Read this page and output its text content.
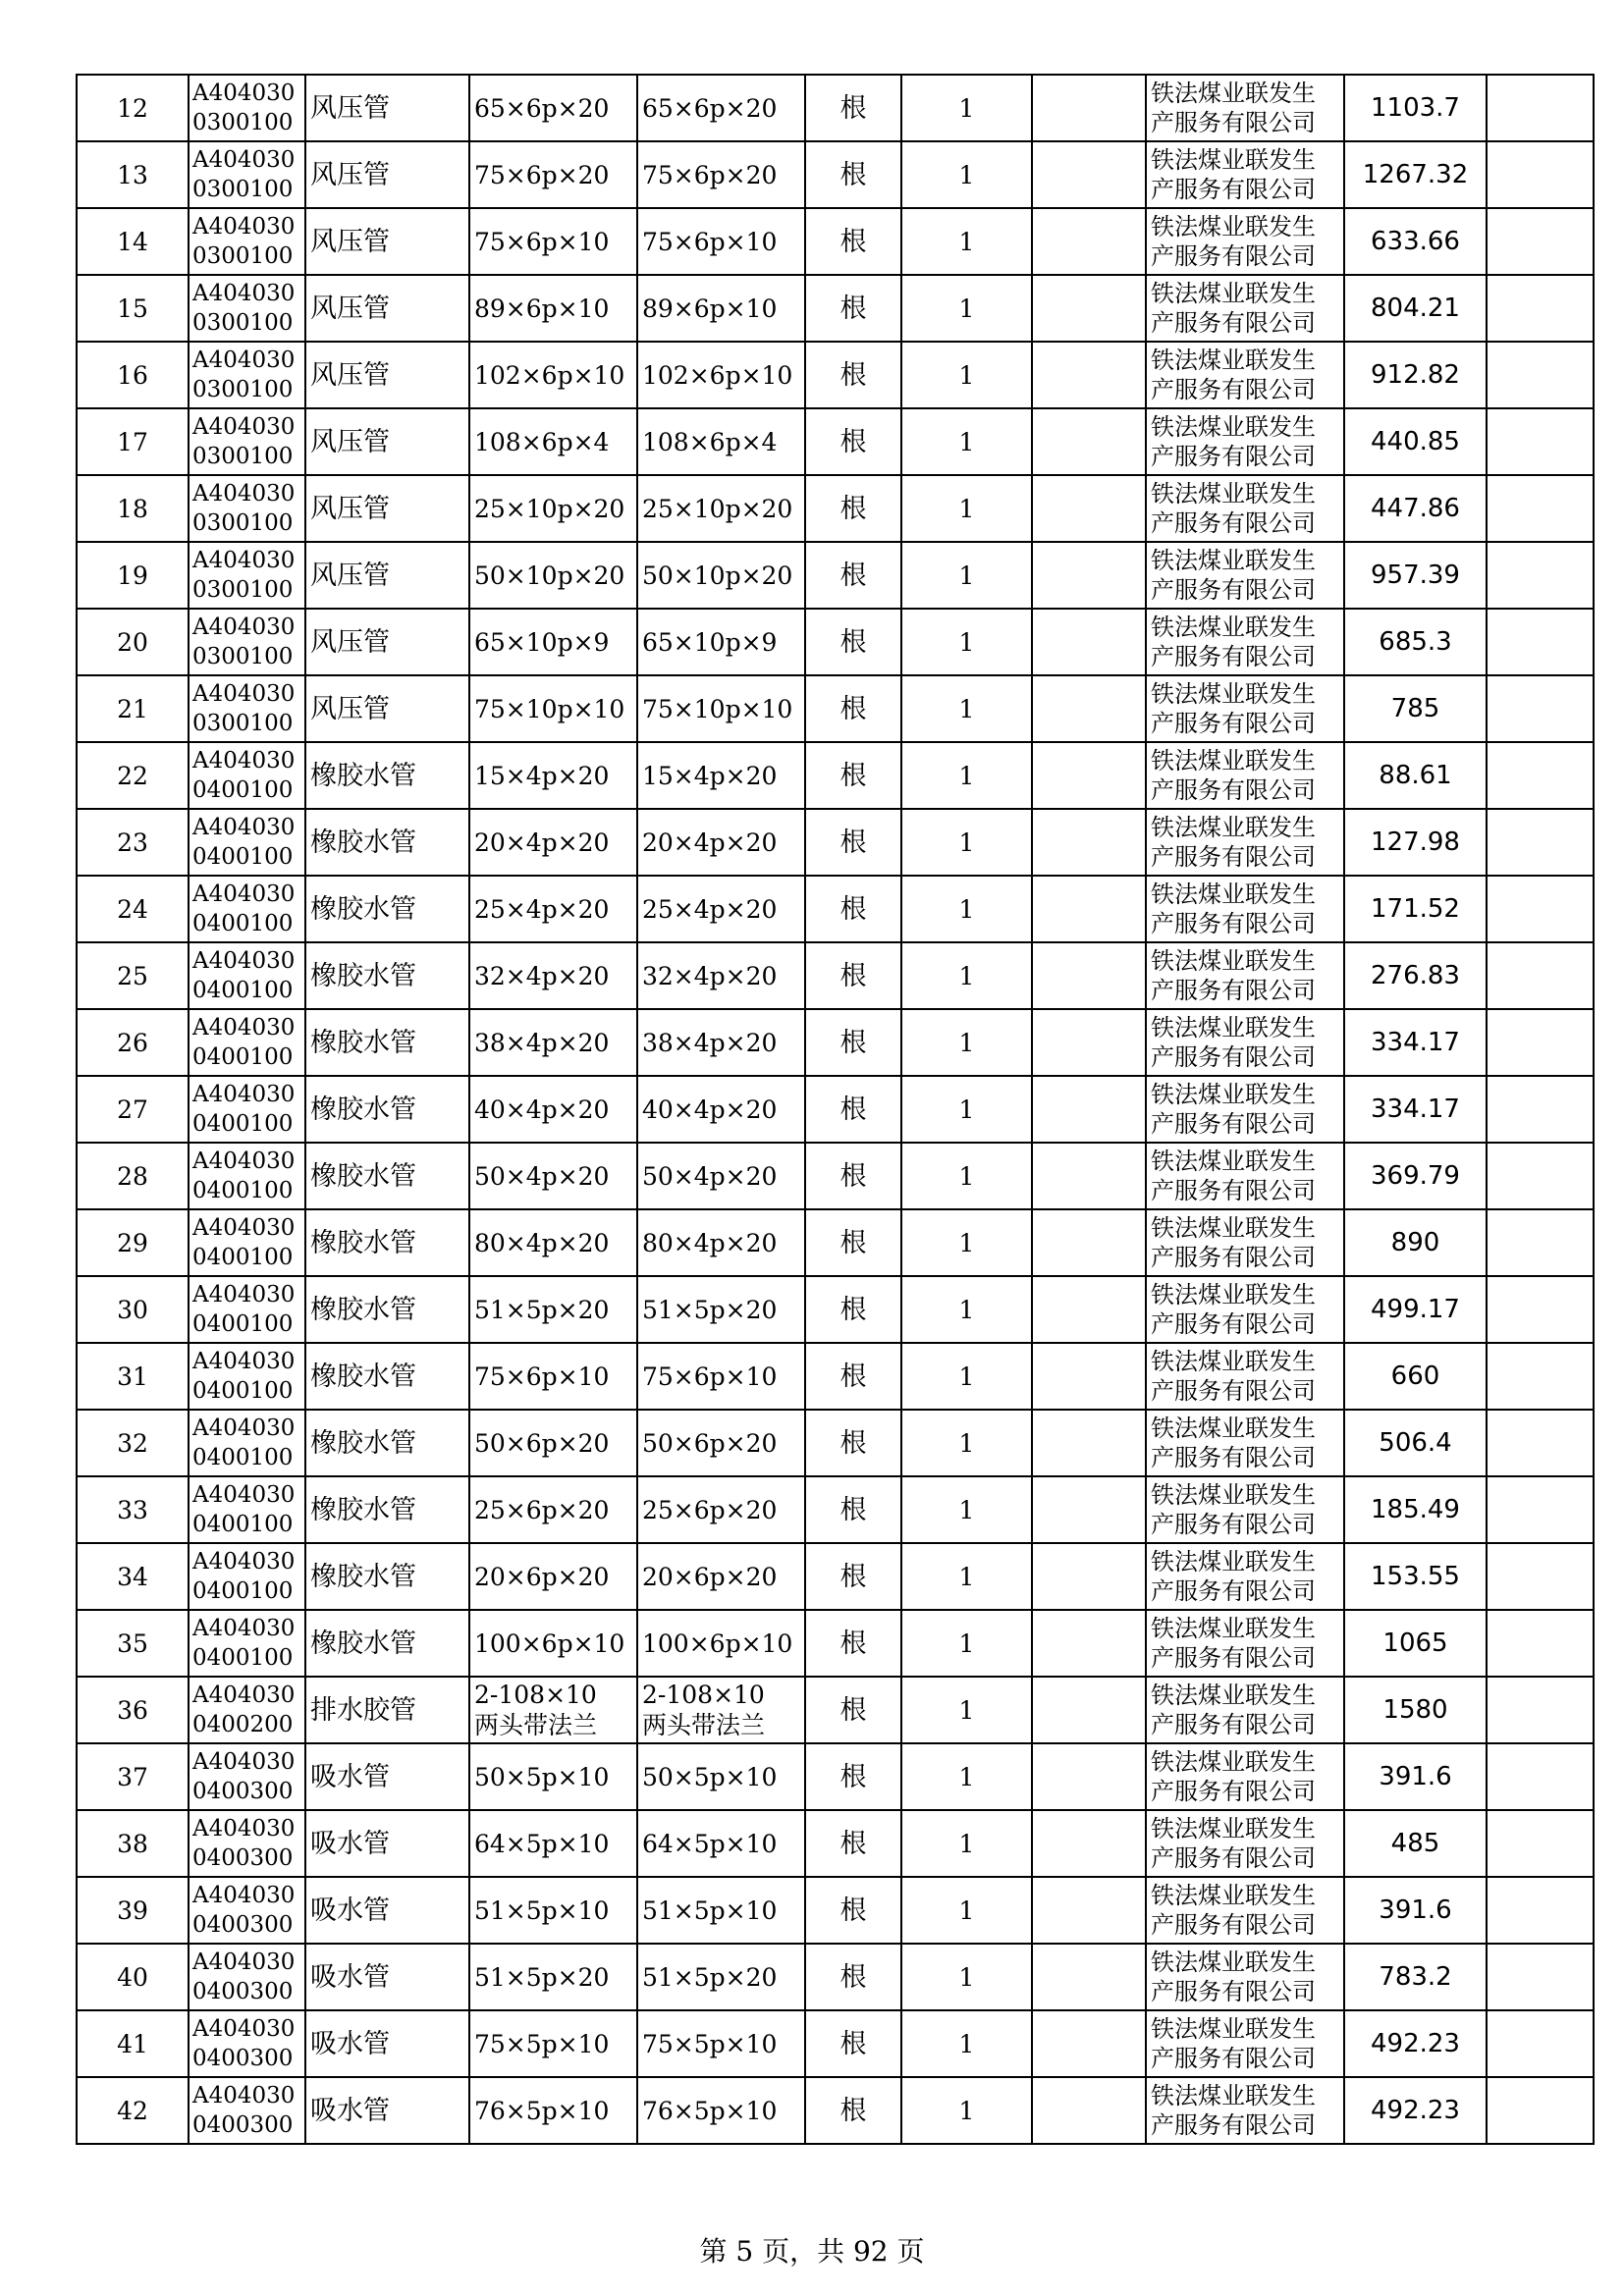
12	A404030
0300100	风压管	65×6p×20	65×6p×20	根	1		铁法煤业联发生
产服务有限公司	1103.7	
13	A404030
0300100	风压管	75×6p×20	75×6p×20	根	1		铁法煤业联发生
产服务有限公司	1267.32	
14	A404030
0300100	风压管	75×6p×10	75×6p×10	根	1		铁法煤业联发生
产服务有限公司	633.66	
15	A404030
0300100	风压管	89×6p×10	89×6p×10	根	1		铁法煤业联发生
产服务有限公司	804.21	
16	A404030
0300100	风压管	102×6p×10	102×6p×10	根	1		铁法煤业联发生
产服务有限公司	912.82	
17	A404030
0300100	风压管	108×6p×4	108×6p×4	根	1		铁法煤业联发生
产服务有限公司	440.85	
18	A404030
0300100	风压管	25×10p×20	25×10p×20	根	1		铁法煤业联发生
产服务有限公司	447.86	
19	A404030
0300100	风压管	50×10p×20	50×10p×20	根	1		铁法煤业联发生
产服务有限公司	957.39	
20	A404030
0300100	风压管	65×10p×9	65×10p×9	根	1		铁法煤业联发生
产服务有限公司	685.3	
21	A404030
0300100	风压管	75×10p×10	75×10p×10	根	1		铁法煤业联发生
产服务有限公司	785	
22	A404030
0400100	橡胶水管	15×4p×20	15×4p×20	根	1		铁法煤业联发生
产服务有限公司	88.61	
23	A404030
0400100	橡胶水管	20×4p×20	20×4p×20	根	1		铁法煤业联发生
产服务有限公司	127.98	
24	A404030
0400100	橡胶水管	25×4p×20	25×4p×20	根	1		铁法煤业联发生
产服务有限公司	171.52	
25	A404030
0400100	橡胶水管	32×4p×20	32×4p×20	根	1		铁法煤业联发生
产服务有限公司	276.83	
26	A404030
0400100	橡胶水管	38×4p×20	38×4p×20	根	1		铁法煤业联发生
产服务有限公司	334.17	
27	A404030
0400100	橡胶水管	40×4p×20	40×4p×20	根	1		铁法煤业联发生
产服务有限公司	334.17	
28	A404030
0400100	橡胶水管	50×4p×20	50×4p×20	根	1		铁法煤业联发生
产服务有限公司	369.79	
29	A404030
0400100	橡胶水管	80×4p×20	80×4p×20	根	1		铁法煤业联发生
产服务有限公司	890	
30	A404030
0400100	橡胶水管	51×5p×20	51×5p×20	根	1		铁法煤业联发生
产服务有限公司	499.17	
31	A404030
0400100	橡胶水管	75×6p×10	75×6p×10	根	1		铁法煤业联发生
产服务有限公司	660	
32	A404030
0400100	橡胶水管	50×6p×20	50×6p×20	根	1		铁法煤业联发生
产服务有限公司	506.4	
33	A404030
0400100	橡胶水管	25×6p×20	25×6p×20	根	1		铁法煤业联发生
产服务有限公司	185.49	
34	A404030
0400100	橡胶水管	20×6p×20	20×6p×20	根	1		铁法煤业联发生
产服务有限公司	153.55	
35	A404030
0400100	橡胶水管	100×6p×10	100×6p×10	根	1		铁法煤业联发生
产服务有限公司	1065	
36	A404030
0400200	排水胶管	2-108×10
两头带法兰	2-108×10
两头带法兰	根	1		铁法煤业联发生
产服务有限公司	1580	
37	A404030
0400300	吸水管	50×5p×10	50×5p×10	根	1		铁法煤业联发生
产服务有限公司	391.6	
38	A404030
0400300	吸水管	64×5p×10	64×5p×10	根	1		铁法煤业联发生
产服务有限公司	485	
39	A404030
0400300	吸水管	51×5p×10	51×5p×10	根	1		铁法煤业联发生
产服务有限公司	391.6	
40	A404030
0400300	吸水管	51×5p×20	51×5p×20	根	1		铁法煤业联发生
产服务有限公司	783.2	
41	A404030
0400300	吸水管	75×5p×10	75×5p×10	根	1		铁法煤业联发生
产服务有限公司	492.23	
42	A404030
0400300	吸水管	76×5p×10	76×5p×10	根	1		铁法煤业联发生
产服务有限公司	492.23	
第 5 页，共 92 页
